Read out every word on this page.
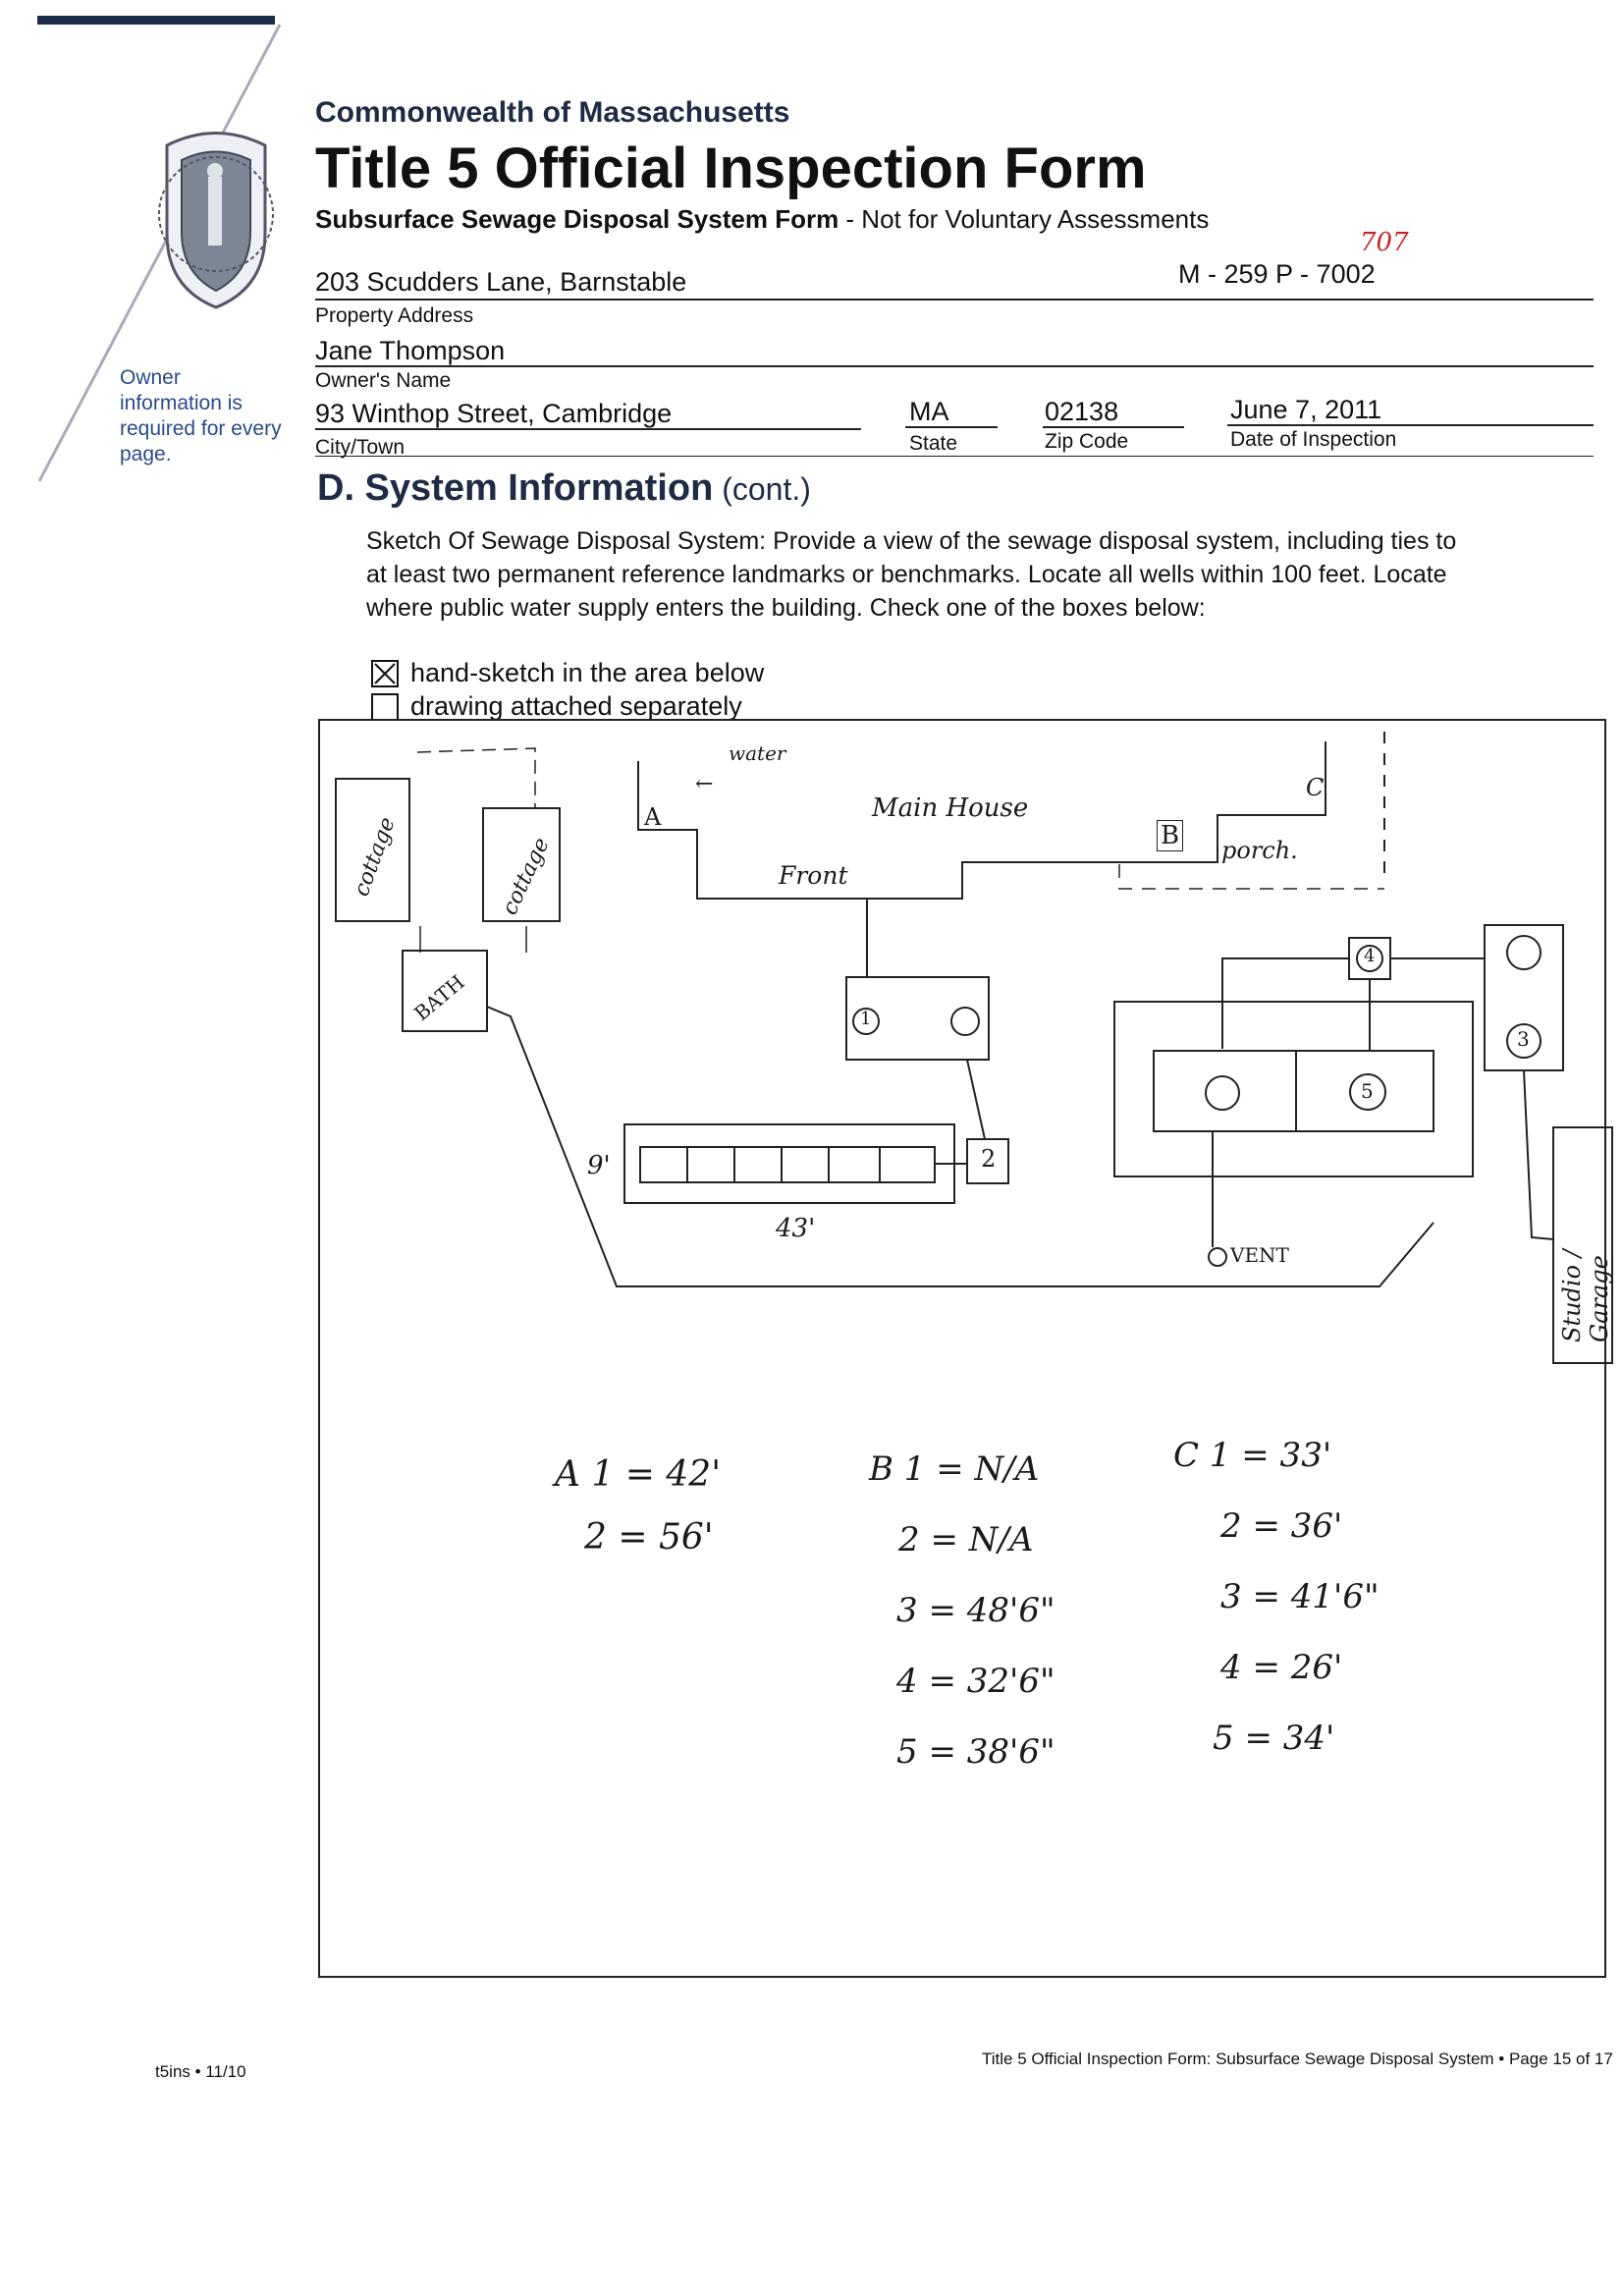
Commonwealth of Massachusetts
Title 5 Official Inspection Form
Subsurface Sewage Disposal System Form - Not for Voluntary Assessments
Owner
information is
required for every
page.
203 Scudders Lane, Barnstable	M - 259 P - 7002
707
Property Address
Jane Thompson
Owner's Name
93 Winthop Street, Cambridge	MA	02138	June 7, 2011
City/Town	State	Zip Code	Date of Inspection
D. System Information (cont.)
Sketch Of Sewage Disposal System: Provide a view of the sewage disposal system, including ties to
at least two permanent reference landmarks or benchmarks. Locate all wells within 100 feet. Locate
where public water supply enters the building. Check one of the boxes below:
hand-sketch in the area below
drawing attached separately
A
water
←
Main House
Front
B
C
porch.
cottage	cottage
BATH	1
2
3
4
5
9'
43'
VENT	Studio / Garage
A 1 = 42'
2 = 56'
B 1 = N/A
2 = N/A
3 = 48'6"
4 = 32'6"
5 = 38'6"
C 1 = 33'
2 = 36'
3 = 41'6"
4 = 26'
5 = 34'
t5ins • 11/10
Title 5 Official Inspection Form: Subsurface Sewage Disposal System • Page 15 of 17
